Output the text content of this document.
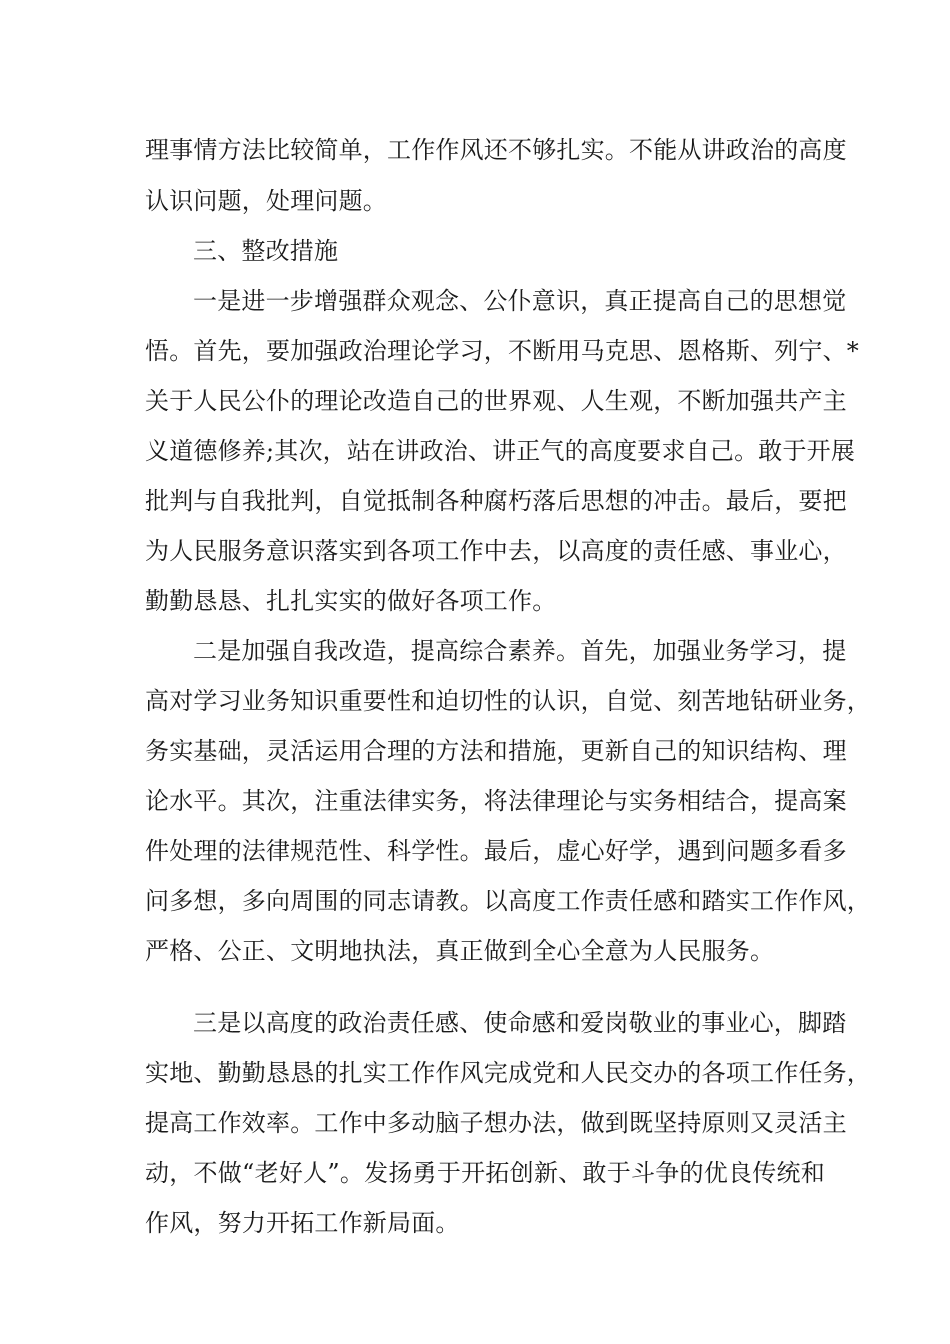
理事情方法比较简单，工作作风还不够扎实。不能从讲政治的高度
认识问题，处理问题。
三、整改措施
一是进一步增强群众观念、公仆意识，真正提高自己的思想觉
悟。首先，要加强政治理论学习，不断用马克思、恩格斯、列宁、*
关于人民公仆的理论改造自己的世界观、人生观，不断加强共产主
义道德修养;其次，站在讲政治、讲正气的高度要求自己。敢于开展
批判与自我批判，自觉抵制各种腐朽落后思想的冲击。最后，要把
为人民服务意识落实到各项工作中去，以高度的责任感、事业心，
勤勤恳恳、扎扎实实的做好各项工作。
二是加强自我改造，提高综合素养。首先，加强业务学习，提
高对学习业务知识重要性和迫切性的认识，自觉、刻苦地钻研业务，
务实基础，灵活运用合理的方法和措施，更新自己的知识结构、理
论水平。其次，注重法律实务，将法律理论与实务相结合，提高案
件处理的法律规范性、科学性。最后，虚心好学，遇到问题多看多
问多想，多向周围的同志请教。以高度工作责任感和踏实工作作风，
严格、公正、文明地执法，真正做到全心全意为人民服务。
三是以高度的政治责任感、使命感和爱岗敬业的事业心，脚踏
实地、勤勤恳恳的扎实工作作风完成党和人民交办的各项工作任务，
提高工作效率。工作中多动脑子想办法，做到既坚持原则又灵活主
动，不做“老好人”。发扬勇于开拓创新、敢于斗争的优良传统和
作风，努力开拓工作新局面。
